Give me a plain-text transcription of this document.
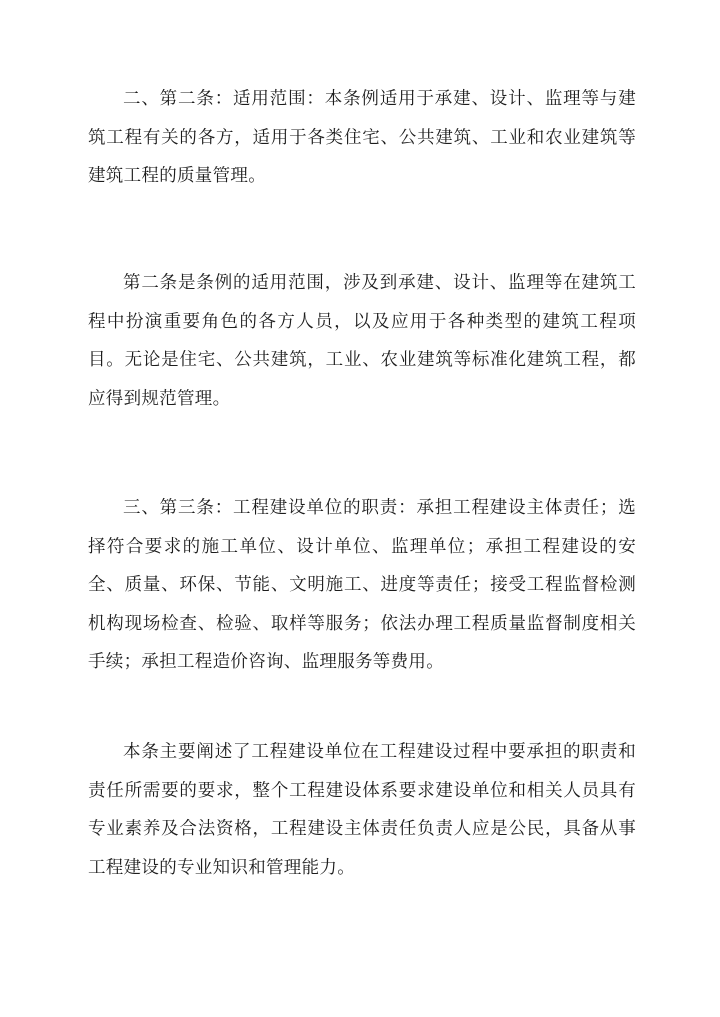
二、第二条：适用范围：本条例适用于承建、设计、监理等与建筑工程有关的各方，适用于各类住宅、公共建筑、工业和农业建筑等建筑工程的质量管理。

第二条是条例的适用范围，涉及到承建、设计、监理等在建筑工程中扮演重要角色的各方人员，以及应用于各种类型的建筑工程项目。无论是住宅、公共建筑，工业、农业建筑等标准化建筑工程，都应得到规范管理。

三、第三条：工程建设单位的职责：承担工程建设主体责任；选择符合要求的施工单位、设计单位、监理单位；承担工程建设的安全、质量、环保、节能、文明施工、进度等责任；接受工程监督检测机构现场检查、检验、取样等服务；依法办理工程质量监督制度相关手续；承担工程造价咨询、监理服务等费用。

本条主要阐述了工程建设单位在工程建设过程中要承担的职责和责任所需要的要求，整个工程建设体系要求建设单位和相关人员具有专业素养及合法资格，工程建设主体责任负责人应是公民，具备从事工程建设的专业知识和管理能力。
